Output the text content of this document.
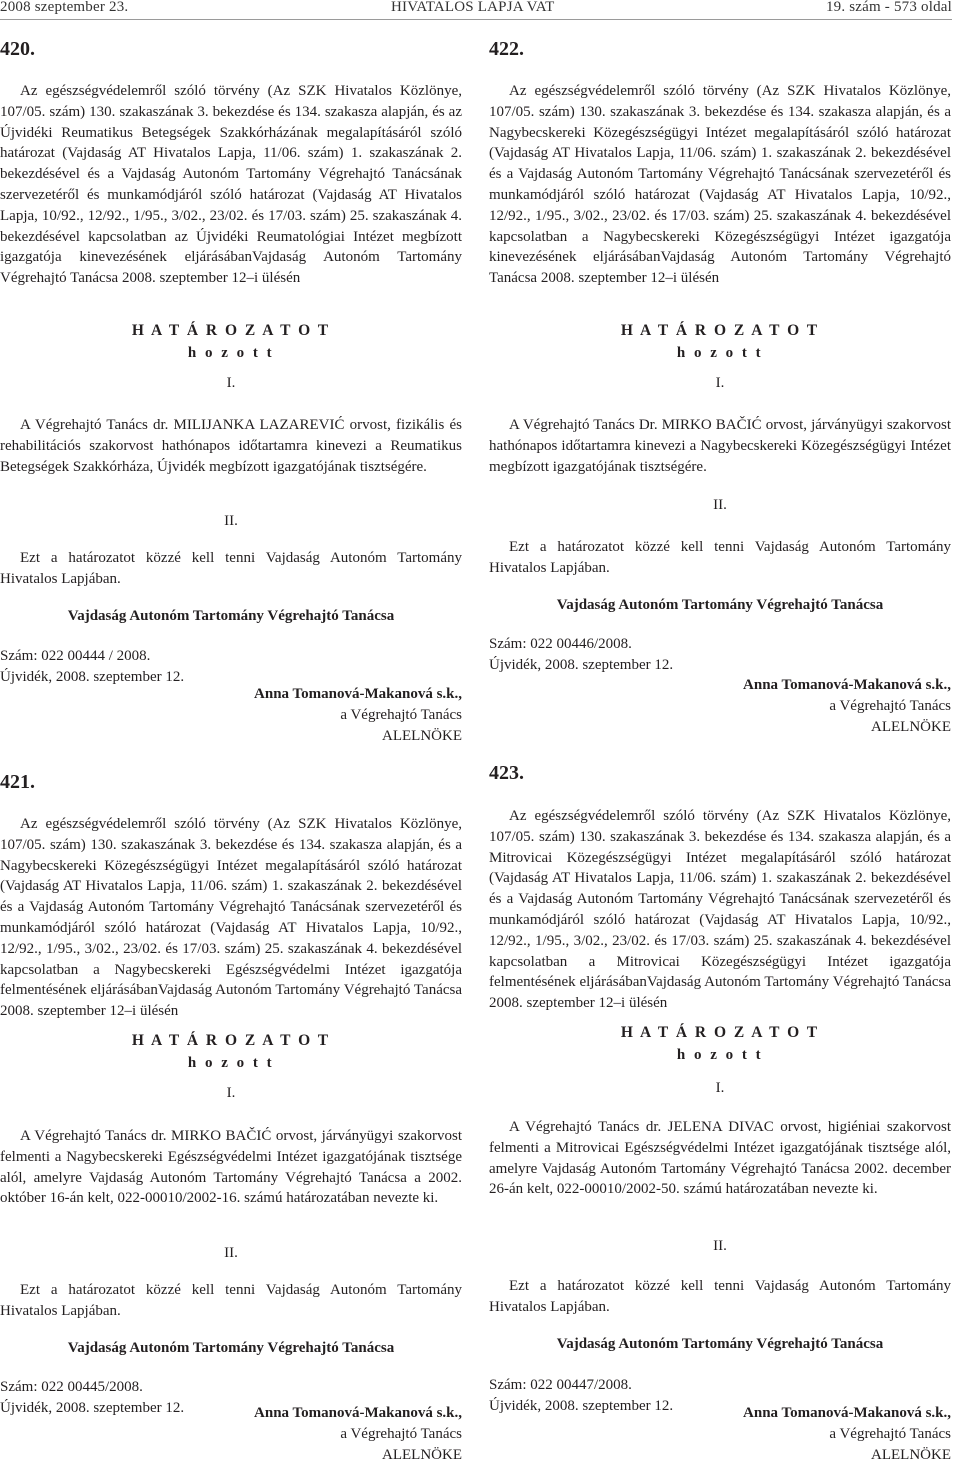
2008 szeptember 23.	HIVATALOS LAPJA VAT	19. szám - 573 oldal
420.
Az egészségvédelemről szóló törvény (Az SZK Hivatalos Közlönye, 107/05. szám) 130. szakaszának 3. bekezdése és 134. szakasza alapján, és az Újvidéki Reumatikus Betegségek Szakkórházának megalapításáról szóló határozat (Vajdaság AT Hivatalos Lapja, 11/06. szám) 1. szakaszának 2. bekezdésével és a Vajdaság Autonóm Tartomány Végrehajtó Tanácsának szervezetéről és munkamódjáról szóló határozat (Vajdaság AT Hivatalos Lapja, 10/92., 12/92., 1/95., 3/02., 23/02. és 17/03. szám) 25. szakaszának 4. bekezdésével kapcsolatban az Újvidéki Reumatológiai Intézet megbízott igazgatója kinevezésének eljárásábanVajdaság Autonóm Tartomány Végrehajtó Tanácsa 2008. szeptember 12–i ülésén
H A T Á R O Z A T O T
h o z o t t
I.
A Végrehajtó Tanács dr. MILIJANKA LAZAREVIĆ orvost, fizikális és rehabilitációs szakorvost hathónapos időtartamra kinevezi a Reumatikus Betegségek Szakkórháza, Újvidék megbízott igazgatójának tisztségére.
II.
Ezt a határozatot közzé kell tenni Vajdaság Autonóm Tartomány Hivatalos Lapjában.
Vajdaság Autonóm Tartomány Végrehajtó Tanácsa
Szám: 022 00444 / 2008.
Újvidék, 2008. szeptember 12.
Anna Tomanová-Makanová s.k.,
a Végrehajtó Tanács
ALELNÖKE
421.
Az egészségvédelemről szóló törvény (Az SZK Hivatalos Közlönye, 107/05. szám) 130. szakaszának 3. bekezdése és 134. szakasza alapján, és a Nagybecskereki Közegészségügyi Intézet megalapításáról szóló határozat (Vajdaság AT Hivatalos Lapja, 11/06. szám) 1. szakaszának 2. bekezdésével és a Vajdaság Autonóm Tartomány Végrehajtó Tanácsának szervezetéről és munkamódjáról szóló határozat (Vajdaság AT Hivatalos Lapja, 10/92., 12/92., 1/95., 3/02., 23/02. és 17/03. szám) 25. szakaszának 4. bekezdésével kapcsolatban a Nagybecskereki Egészségvédelmi Intézet igazgatója felmentésének eljárásábanVajdaság Autonóm Tartomány Végrehajtó Tanácsa 2008. szeptember 12–i ülésén
H A T Á R O Z A T O T
h o z o t t
I.
A Végrehajtó Tanács dr. MIRKO BAČIĆ orvost, járványügyi szakorvost felmenti a Nagybecskereki Egészségvédelmi Intézet igazgatójának tisztsége alól, amelyre Vajdaság Autonóm Tartomány Végrehajtó Tanácsa a 2002. október 16-án kelt, 022-00010/2002-16. számú határozatában nevezte ki.
II.
Ezt a határozatot közzé kell tenni Vajdaság Autonóm Tartomány Hivatalos Lapjában.
Vajdaság Autonóm Tartomány Végrehajtó Tanácsa
Szám: 022 00445/2008.
Újvidék, 2008. szeptember 12.	Anna Tomanová-Makanová s.k.,
a Végrehajtó Tanács
ALELNÖKE
422.
Az egészségvédelemről szóló törvény (Az SZK Hivatalos Közlönye, 107/05. szám) 130. szakaszának 3. bekezdése és 134. szakasza alapján, és a Nagybecskereki Közegészségügyi Intézet megalapításáról szóló határozat (Vajdaság AT Hivatalos Lapja, 11/06. szám) 1. szakaszának 2. bekezdésével és a Vajdaság Autonóm Tartomány Végrehajtó Tanácsának szervezetéről és munkamódjáról szóló határozat (Vajdaság AT Hivatalos Lapja, 10/92., 12/92., 1/95., 3/02., 23/02. és 17/03. szám) 25. szakaszának 4. bekezdésével kapcsolatban a Nagybecskereki Közegészségügyi Intézet igazgatója kinevezésének eljárásábanVajdaság Autonóm Tartomány Végrehajtó Tanácsa 2008. szeptember 12–i ülésén
H A T Á R O Z A T O T
h o z o t t
I.
A Végrehajtó Tanács Dr. MIRKO BAČIĆ orvost, járványügyi szakorvost hathónapos időtartamra kinevezi a Nagybecskereki Közegészségügyi Intézet megbízott igazgatójának tisztségére.
II.
Ezt a határozatot közzé kell tenni Vajdaság Autonóm Tartomány Hivatalos Lapjában.
Vajdaság Autonóm Tartomány Végrehajtó Tanácsa
Szám: 022 00446/2008.
Újvidék, 2008. szeptember 12.
Anna Tomanová-Makanová s.k.,
a Végrehajtó Tanács
ALELNÖKE
423.
Az egészségvédelemről szóló törvény (Az SZK Hivatalos Közlönye, 107/05. szám) 130. szakaszának 3. bekezdése és 134. szakasza alapján, és a Mitrovicai Közegészségügyi Intézet megalapításáról szóló határozat (Vajdaság AT Hivatalos Lapja, 11/06. szám) 1. szakaszának 2. bekezdésével és a Vajdaság Autonóm Tartomány Végrehajtó Tanácsának szervezetéről és munkamódjáról szóló határozat (Vajdaság AT Hivatalos Lapja, 10/92., 12/92., 1/95., 3/02., 23/02. és 17/03. szám) 25. szakaszának 4. bekezdésével kapcsolatban a Mitrovicai Közegészségügyi Intézet igazgatója felmentésének eljárásábanVajdaság Autonóm Tartomány Végrehajtó Tanácsa 2008. szeptember 12–i ülésén
H A T Á R O Z A T O T
h o z o t t
I.
A Végrehajtó Tanács dr. JELENA DIVAC orvost, higiéniai szakorvost felmenti a Mitrovicai Egészségvédelmi Intézet igazgatójának tisztsége alól, amelyre Vajdaság Autonóm Tartomány Végrehajtó Tanácsa 2002. december 26-án kelt, 022-00010/2002-50. számú határozatában nevezte ki.
II.
Ezt a határozatot közzé kell tenni Vajdaság Autonóm Tartomány Hivatalos Lapjában.
Vajdaság Autonóm Tartomány Végrehajtó Tanácsa
Szám: 022 00447/2008.
Újvidék, 2008. szeptember 12.	Anna Tomanová-Makanová s.k.,
a Végrehajtó Tanács
ALELNÖKE
